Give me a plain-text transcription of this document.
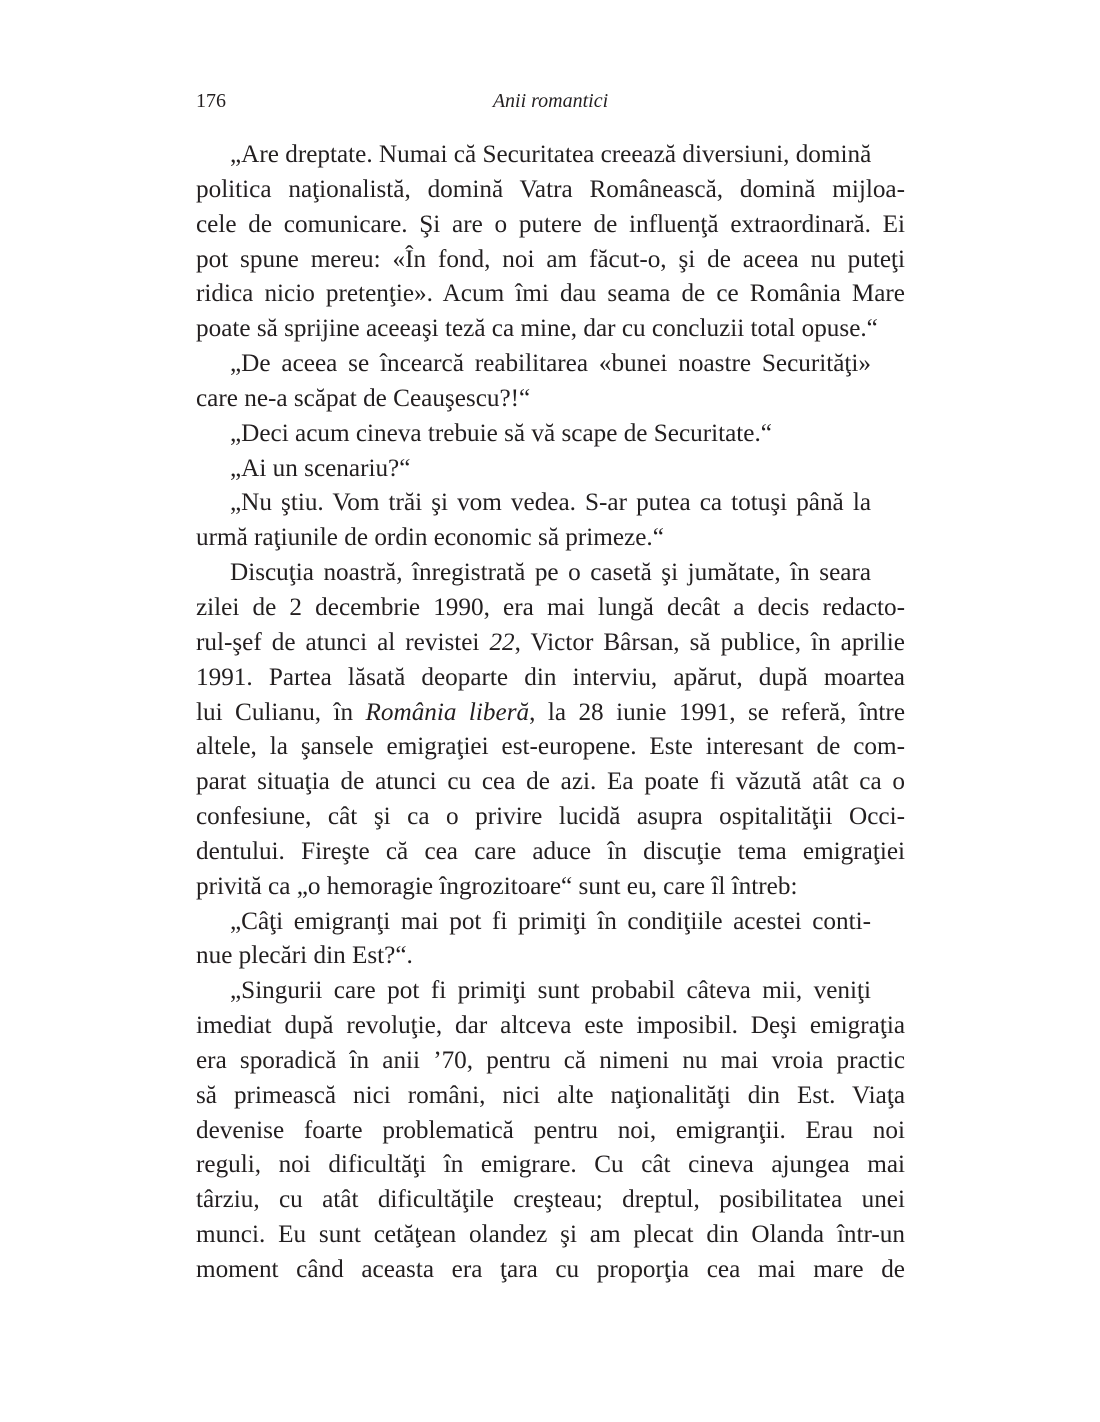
176	Anii romantici
„Are dreptate. Numai că Securitatea creează diversiuni, domină
politica naţionalistă, domină Vatra Românească, domină mijloa-
cele de comunicare. Şi are o putere de influenţă extraordinară. Ei
pot spune mereu: «În fond, noi am făcut-o, şi de aceea nu puteţi
ridica nicio pretenţie». Acum îmi dau seama de ce România Mare
poate să sprijine aceeaşi teză ca mine, dar cu concluzii total opuse.“
„De aceea se încearcă reabilitarea «bunei noastre Securităţi»
care ne-a scăpat de Ceauşescu?!“
„Deci acum cineva trebuie să vă scape de Securitate.“
„Ai un scenariu?“
„Nu ştiu. Vom trăi şi vom vedea. S-ar putea ca totuşi până la
urmă raţiunile de ordin economic să primeze.“
Discuţia noastră, înregistrată pe o casetă şi jumătate, în seara
zilei de 2 decembrie 1990, era mai lungă decât a decis redacto-
rul-şef de atunci al revistei 22, Victor Bârsan, să publice, în aprilie
1991. Partea lăsată deoparte din interviu, apărut, după moartea
lui Culianu, în România liberă, la 28 iunie 1991, se referă, între
altele, la şansele emigraţiei est-europene. Este interesant de com-
parat situaţia de atunci cu cea de azi. Ea poate fi văzută atât ca o
confesiune, cât şi ca o privire lucidă asupra ospitalităţii Occi-
dentului. Fireşte că cea care aduce în discuţie tema emigraţiei
privită ca „o hemoragie îngrozitoare“ sunt eu, care îl întreb:
„Câţi emigranţi mai pot fi primiţi în condiţiile acestei conti-
nue plecări din Est?“.
„Singurii care pot fi primiţi sunt probabil câteva mii, veniţi
imediat după revoluţie, dar altceva este imposibil. Deşi emigraţia
era sporadică în anii ’70, pentru că nimeni nu mai vroia practic
să primească nici români, nici alte naţionalităţi din Est. Viaţa
devenise foarte problematică pentru noi, emigranţii. Erau noi
reguli, noi dificultăţi în emigrare. Cu cât cineva ajungea mai
târziu, cu atât dificultăţile creşteau; dreptul, posibilitatea unei
munci. Eu sunt cetăţean olandez şi am plecat din Olanda într-un
moment când aceasta era ţara cu proporţia cea mai mare de
